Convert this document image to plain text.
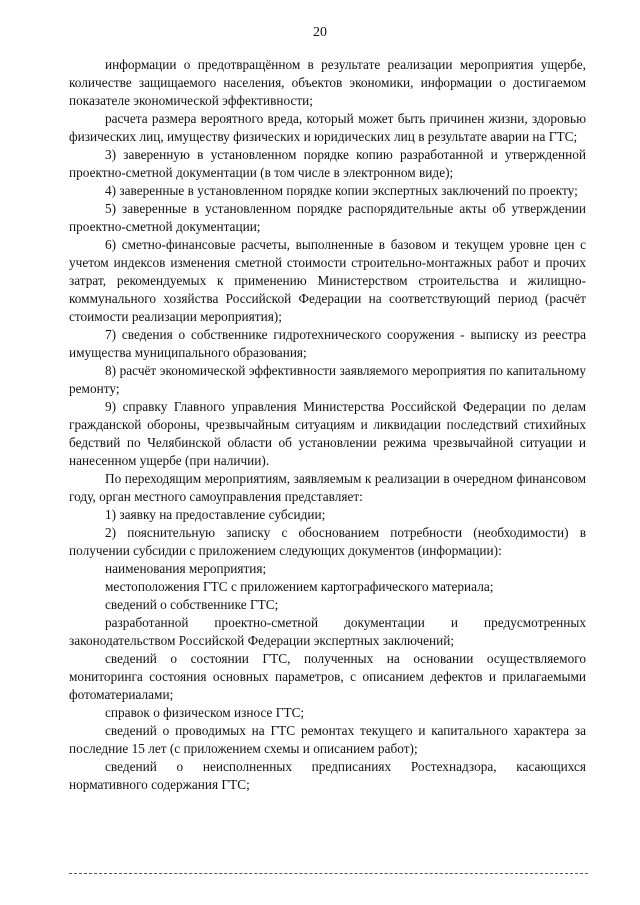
20

информации о предотвращённом в результате реализации мероприятия ущербе, количестве защищаемого населения, объектов экономики, информации о достигаемом показателе экономической эффективности;

расчета размера вероятного вреда, который может быть причинен жизни, здоровью физических лиц, имуществу физических и юридических лиц в результате аварии на ГТС;

3) заверенную в установленном порядке копию разработанной и утвержденной проектно-сметной документации (в том числе в электронном виде);

4) заверенные в установленном порядке копии экспертных заключений по проекту;

5) заверенные в установленном порядке распорядительные акты об утверждении проектно-сметной документации;

6) сметно-финансовые расчеты, выполненные в базовом и текущем уровне цен с учетом индексов изменения сметной стоимости строительно-монтажных работ и прочих затрат, рекомендуемых к применению Министерством строительства и жилищно-коммунального хозяйства Российской Федерации на соответствующий период (расчёт стоимости реализации мероприятия);

7) сведения о собственнике гидротехнического сооружения - выписку из реестра имущества муниципального образования;

8) расчёт экономической эффективности заявляемого мероприятия по капитальному ремонту;

9) справку Главного управления Министерства Российской Федерации по делам гражданской обороны, чрезвычайным ситуациям и ликвидации последствий стихийных бедствий по Челябинской области об установлении режима чрезвычайной ситуации и нанесенном ущербе (при наличии).

По переходящим мероприятиям, заявляемым к реализации в очередном финансовом году, орган местного самоуправления представляет:

1) заявку на предоставление субсидии;

2) пояснительную записку с обоснованием потребности (необходимости) в получении субсидии с приложением следующих документов (информации):

наименования мероприятия;

местоположения ГТС с приложением картографического материала;

сведений о собственнике ГТС;

разработанной проектно-сметной документации и предусмотренных законодательством Российской Федерации экспертных заключений;

сведений о состоянии ГТС, полученных на основании осуществляемого мониторинга состояния основных параметров, с описанием дефектов и прилагаемыми фотоматериалами;

справок о физическом износе ГТС;

сведений о проводимых на ГТС ремонтах текущего и капитального характера за последние 15 лет (с приложением схемы и описанием работ);

сведений о неисполненных предписаниях Ростехнадзора, касающихся нормативного содержания ГТС;
